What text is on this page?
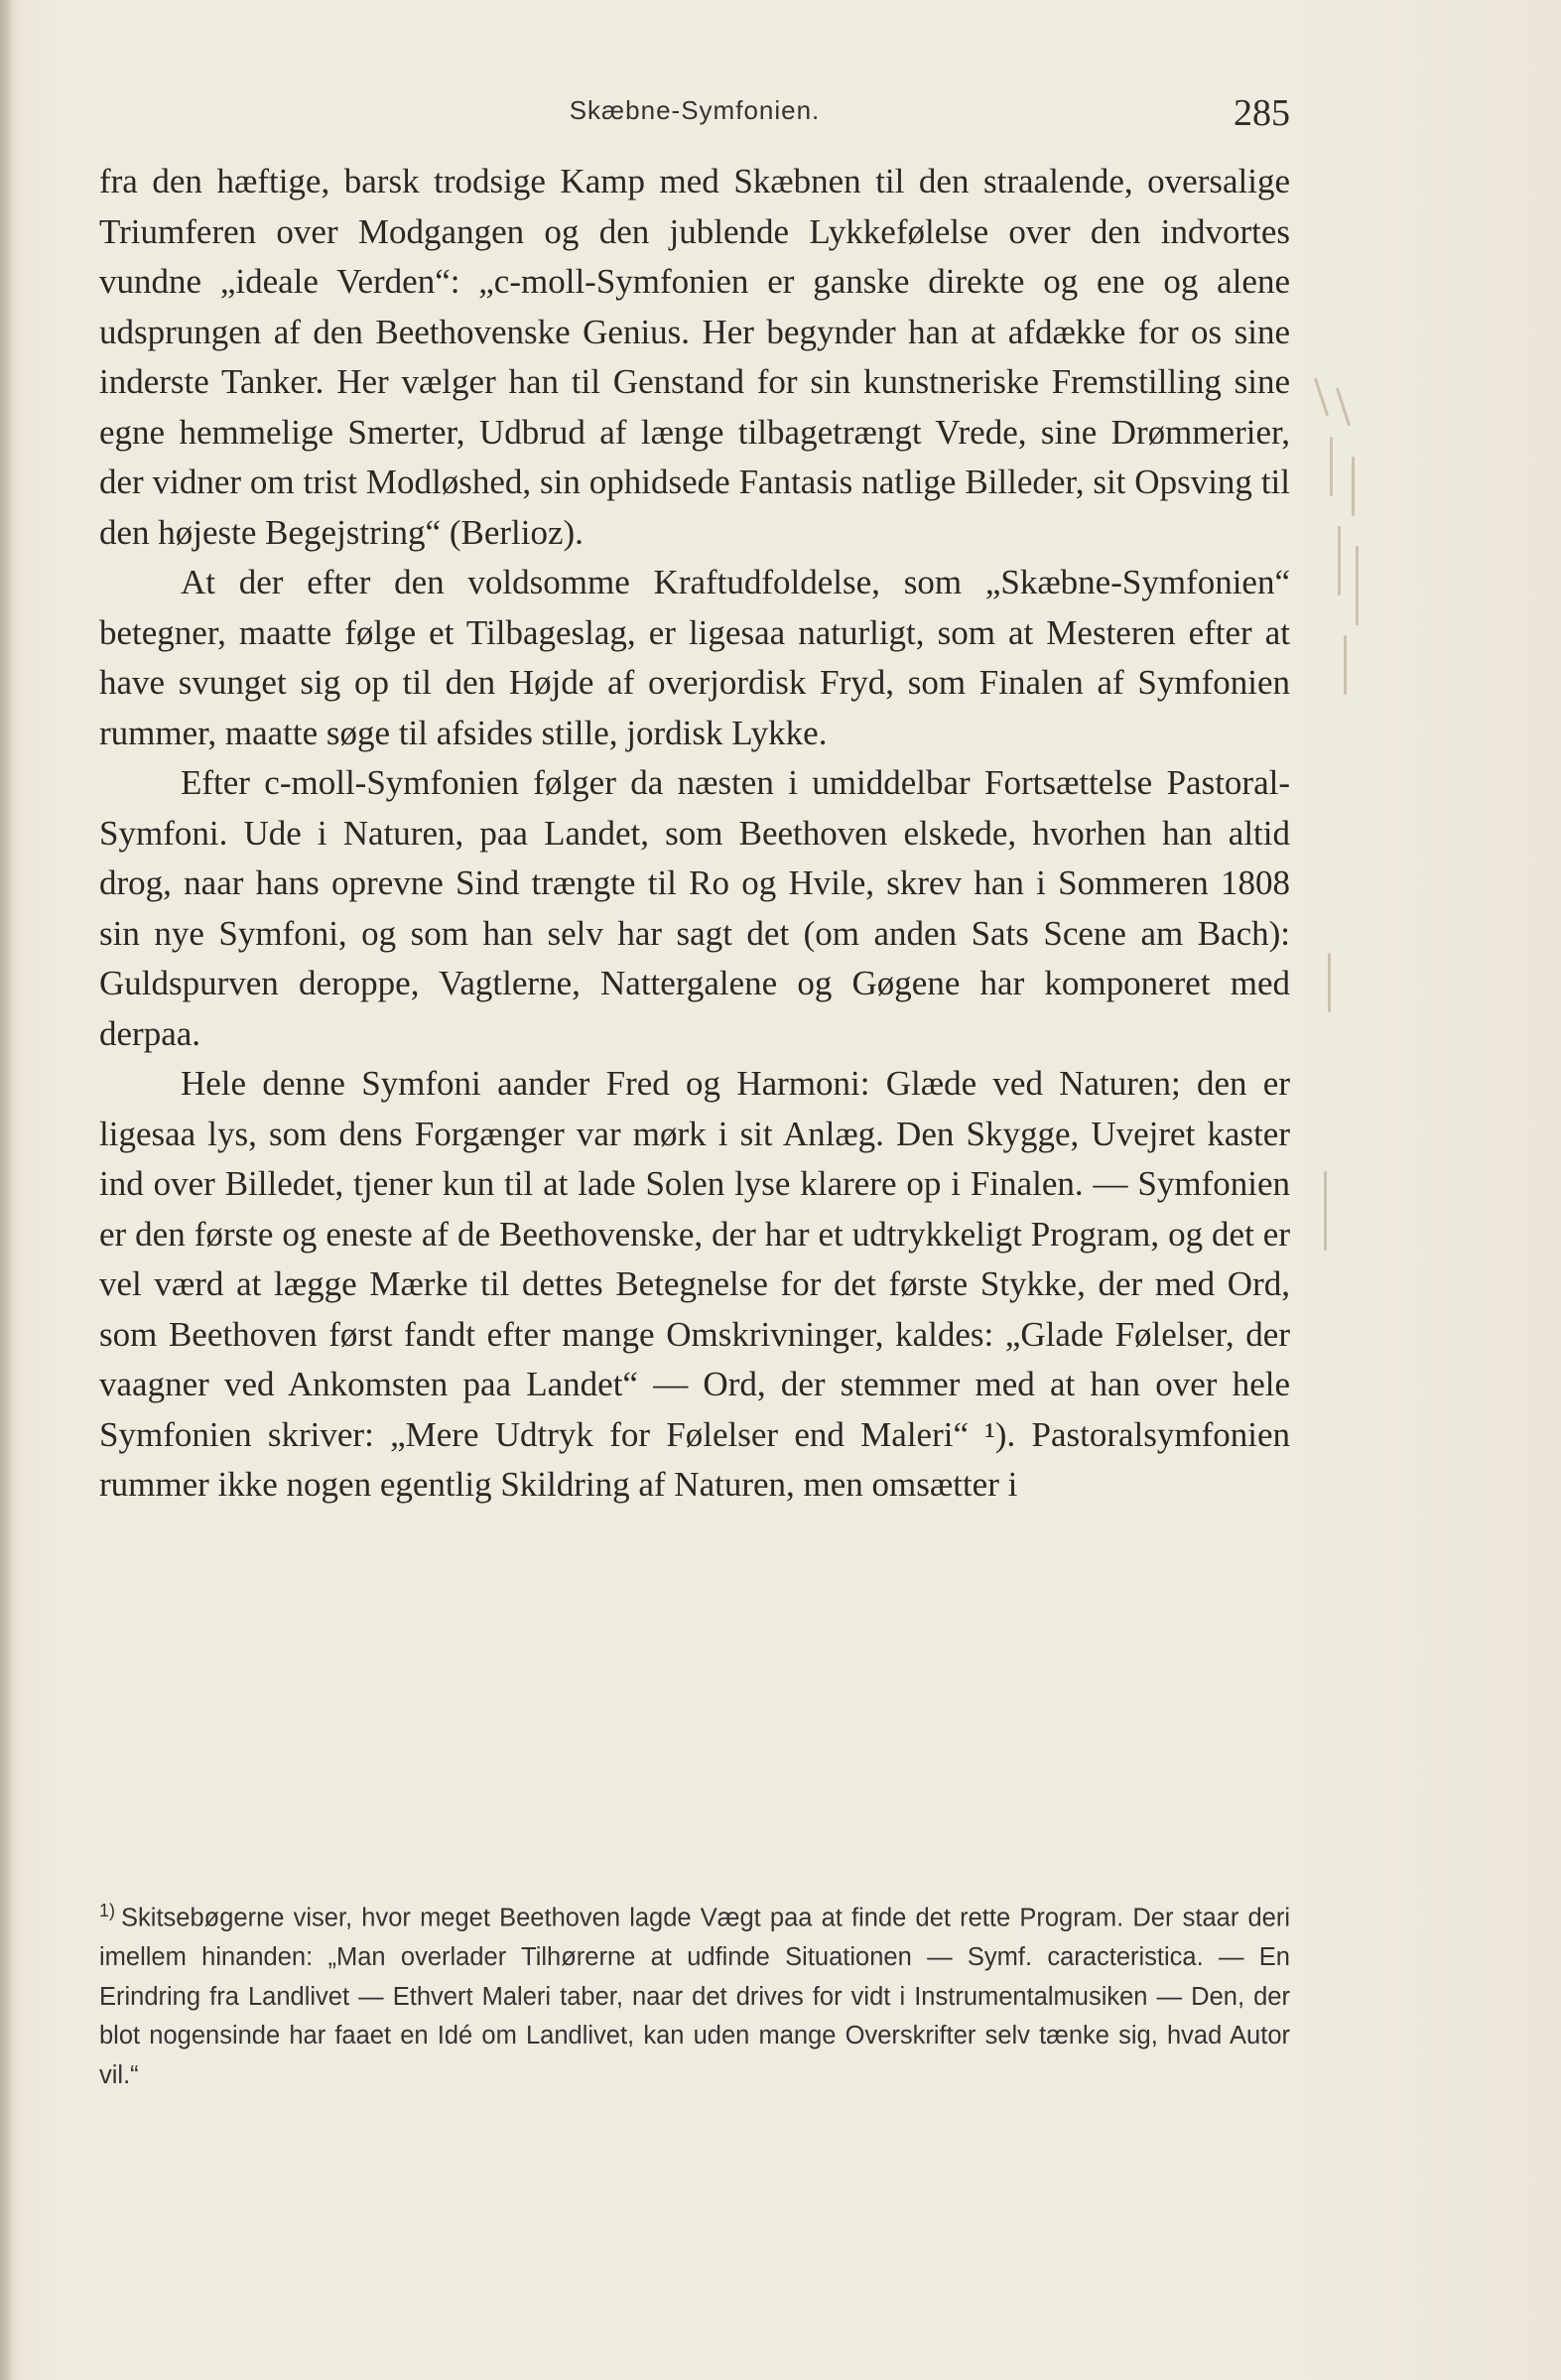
Skæbne-Symfonien.	285

fra den hæftige, barsk trodsige Kamp med Skæbnen til den straalende, oversalige Triumferen over Modgangen og den jublende Lykkefølelse over den indvortes vundne „ideale Verden“: „c-moll-Symfonien er ganske direkte og ene og alene udsprungen af den Beethovenske Genius. Her begynder han at afdække for os sine inderste Tanker. Her vælger han til Genstand for sin kunstneriske Fremstilling sine egne hemmelige Smerter, Udbrud af længe tilbagetrængt Vrede, sine Drømmerier, der vidner om trist Modløshed, sin ophidsede Fantasis natlige Billeder, sit Opsving til den højeste Begejstring“ (Berlioz).

At der efter den voldsomme Kraftudfoldelse, som „Skæbne-Symfonien“ betegner, maatte følge et Tilbageslag, er ligesaa naturligt, som at Mesteren efter at have svunget sig op til den Højde af overjordisk Fryd, som Finalen af Symfonien rummer, maatte søge til afsides stille, jordisk Lykke.

Efter c-moll-Symfonien følger da næsten i umiddelbar Fortsættelse Pastoral-Symfoni. Ude i Naturen, paa Landet, som Beethoven elskede, hvorhen han altid drog, naar hans oprevne Sind trængte til Ro og Hvile, skrev han i Sommeren 1808 sin nye Symfoni, og som han selv har sagt det (om anden Sats Scene am Bach): Guldspurven deroppe, Vagtlerne, Nattergalene og Gøgene har komponeret med derpaa.

Hele denne Symfoni aander Fred og Harmoni: Glæde ved Naturen; den er ligesaa lys, som dens Forgænger var mørk i sit Anlæg. Den Skygge, Uvejret kaster ind over Billedet, tjener kun til at lade Solen lyse klarere op i Finalen. — Symfonien er den første og eneste af de Beethovenske, der har et udtrykkeligt Program, og det er vel værd at lægge Mærke til dettes Betegnelse for det første Stykke, der med Ord, som Beethoven først fandt efter mange Omskrivninger, kaldes: „Glade Følelser, der vaagner ved Ankomsten paa Landet“ — Ord, der stemmer med at han over hele Symfonien skriver: „Mere Udtryk for Følelser end Maleri“ ¹). Pastoralsymfonien rummer ikke nogen egentlig Skildring af Naturen, men omsætter i

$^{1)}$ Skitsebøgerne viser, hvor meget Beethoven lagde Vægt paa at finde det rette Program. Der staar deri imellem hinanden: „Man overlader Tilhørerne at udfinde Situationen — Symf. caracteristica. — En Erindring fra Landlivet — Ethvert Maleri taber, naar det drives for vidt i Instrumentalmusiken — Den, der blot nogensinde har faaet en Idé om Landlivet, kan uden mange Overskrifter selv tænke sig, hvad Autor vil.“
